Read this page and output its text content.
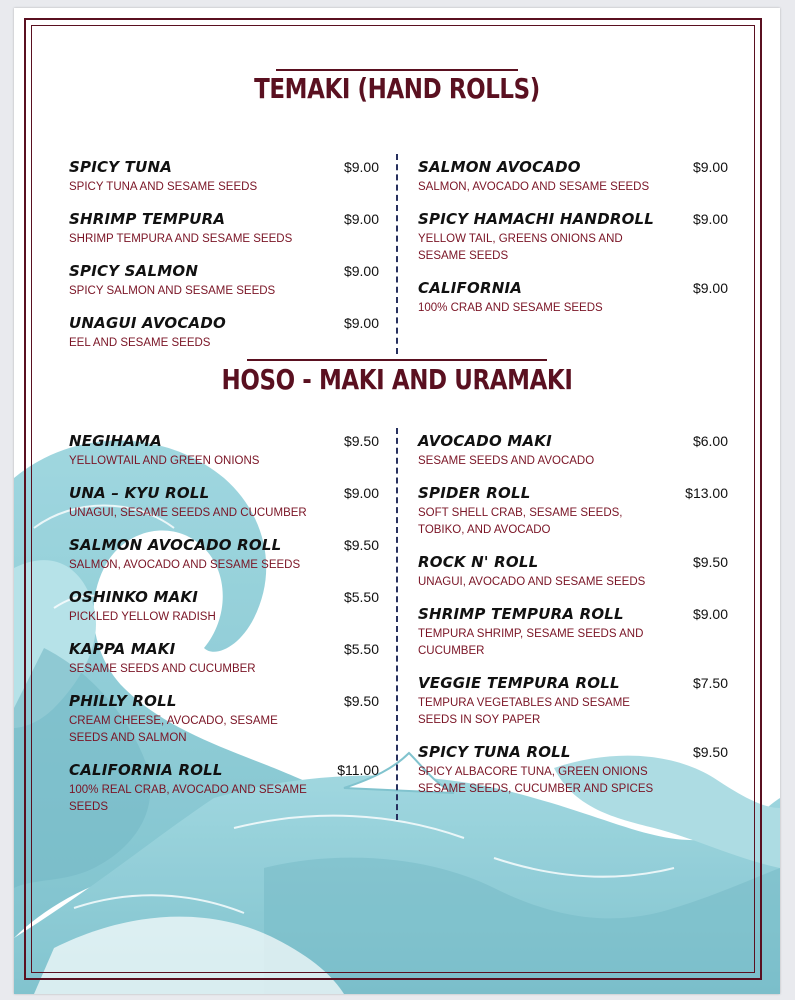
TEMAKI (HAND ROLLS)
SPICY TUNA	$9.00
SPICY TUNA AND SESAME SEEDS
SHRIMP TEMPURA	$9.00
SHRIMP TEMPURA AND SESAME SEEDS
SPICY SALMON	$9.00
SPICY SALMON AND SESAME SEEDS
UNAGUI AVOCADO	$9.00
EEL AND SESAME SEEDS
SALMON AVOCADO	$9.00
SALMON, AVOCADO AND SESAME SEEDS
SPICY HAMACHI HANDROLL	$9.00
YELLOW TAIL, GREENS ONIONS AND SESAME SEEDS
CALIFORNIA	$9.00
100% CRAB AND SESAME SEEDS
HOSO - MAKI AND URAMAKI
NEGIHAMA	$9.50
YELLOWTAIL AND GREEN ONIONS
UNA – KYU ROLL	$9.00
UNAGUI, SESAME SEEDS AND CUCUMBER
SALMON AVOCADO ROLL	$9.50
SALMON, AVOCADO AND SESAME SEEDS
OSHINKO MAKI	$5.50
PICKLED YELLOW RADISH
KAPPA MAKI	$5.50
SESAME SEEDS AND CUCUMBER
PHILLY ROLL	$9.50
CREAM CHEESE, AVOCADO, SESAME SEEDS AND SALMON
CALIFORNIA ROLL	$11.00
100% REAL CRAB, AVOCADO AND SESAME SEEDS
AVOCADO MAKI	$6.00
SESAME SEEDS AND AVOCADO
SPIDER ROLL	$13.00
SOFT SHELL CRAB, SESAME SEEDS, TOBIKO, AND AVOCADO
ROCK N' ROLL	$9.50
UNAGUI, AVOCADO AND SESAME SEEDS
SHRIMP TEMPURA ROLL	$9.00
TEMPURA SHRIMP, SESAME SEEDS AND CUCUMBER
VEGGIE TEMPURA ROLL	$7.50
TEMPURA VEGETABLES AND SESAME SEEDS IN SOY PAPER
SPICY TUNA ROLL	$9.50
SPICY ALBACORE TUNA, GREEN ONIONS SESAME SEEDS, CUCUMBER AND SPICES
